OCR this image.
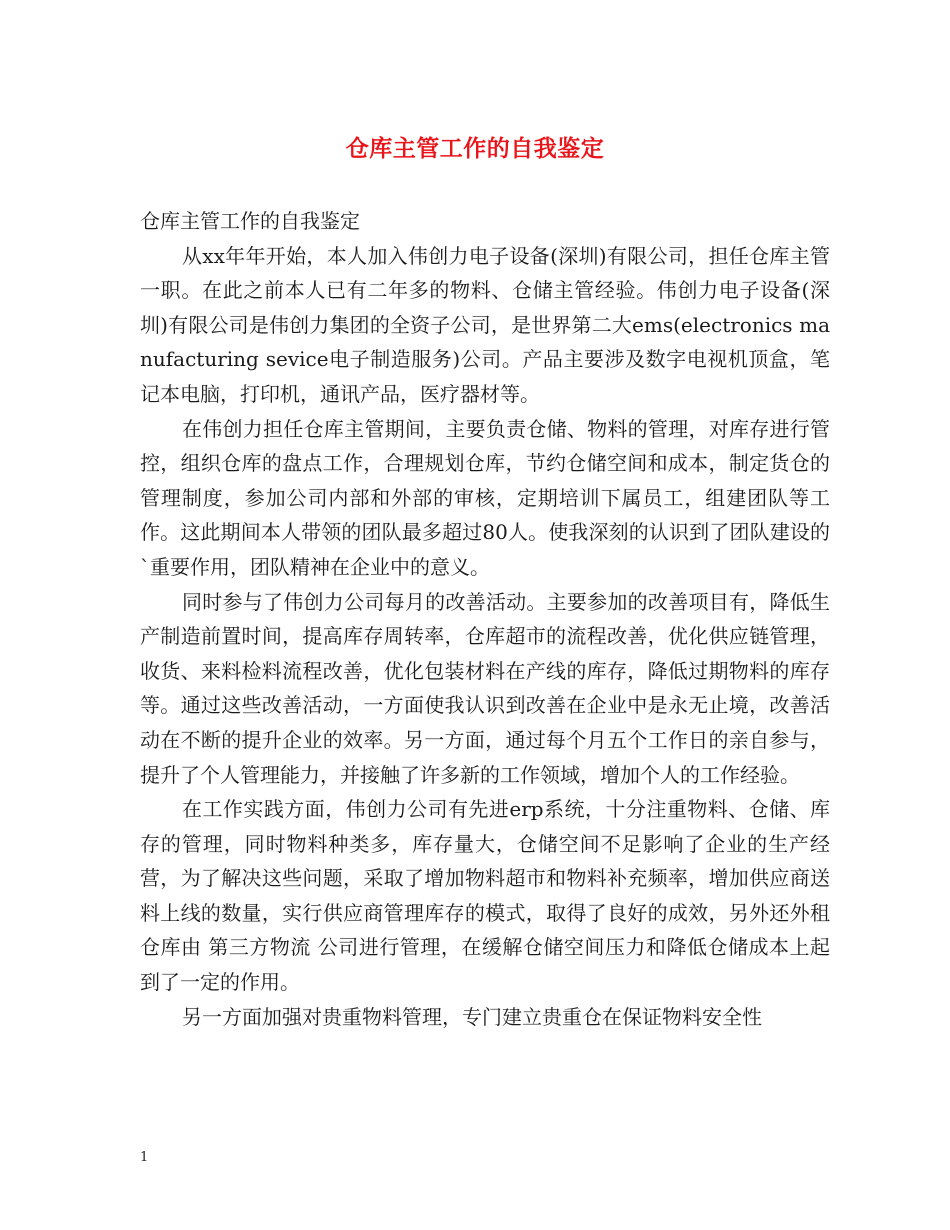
仓库主管工作的自我鉴定

仓库主管工作的自我鉴定

从xx年年开始，本人加入伟创力电子设备(深圳)有限公司，担任仓库主管一职。在此之前本人已有二年多的物料、仓储主管经验。伟创力电子设备(深圳)有限公司是伟创力集团的全资子公司，是世界第二大ems(electronics manufacturing sevice电子制造服务)公司。产品主要涉及数字电视机顶盒，笔记本电脑，打印机，通讯产品，医疗器材等。

在伟创力担任仓库主管期间，主要负责仓储、物料的管理，对库存进行管控，组织仓库的盘点工作，合理规划仓库，节约仓储空间和成本，制定货仓的管理制度，参加公司内部和外部的审核，定期培训下属员工，组建团队等工作。这此期间本人带领的团队最多超过80人。使我深刻的认识到了团队建设的`重要作用，团队精神在企业中的意义。

同时参与了伟创力公司每月的改善活动。主要参加的改善项目有，降低生产制造前置时间，提高库存周转率，仓库超市的流程改善，优化供应链管理，收货、来料检料流程改善，优化包装材料在产线的库存，降低过期物料的库存等。通过这些改善活动，一方面使我认识到改善在企业中是永无止境，改善活动在不断的提升企业的效率。另一方面，通过每个月五个工作日的亲自参与，提升了个人管理能力，并接触了许多新的工作领域，增加个人的工作经验。

在工作实践方面，伟创力公司有先进erp系统，十分注重物料、仓储、库存的管理，同时物料种类多，库存量大，仓储空间不足影响了企业的生产经营，为了解决这些问题，采取了增加物料超市和物料补充频率，增加供应商送料上线的数量，实行供应商管理库存的模式，取得了良好的成效，另外还外租仓库由 第三方物流 公司进行管理，在缓解仓储空间压力和降低仓储成本上起到了一定的作用。

另一方面加强对贵重物料管理，专门建立贵重仓在保证物料安全性

1
